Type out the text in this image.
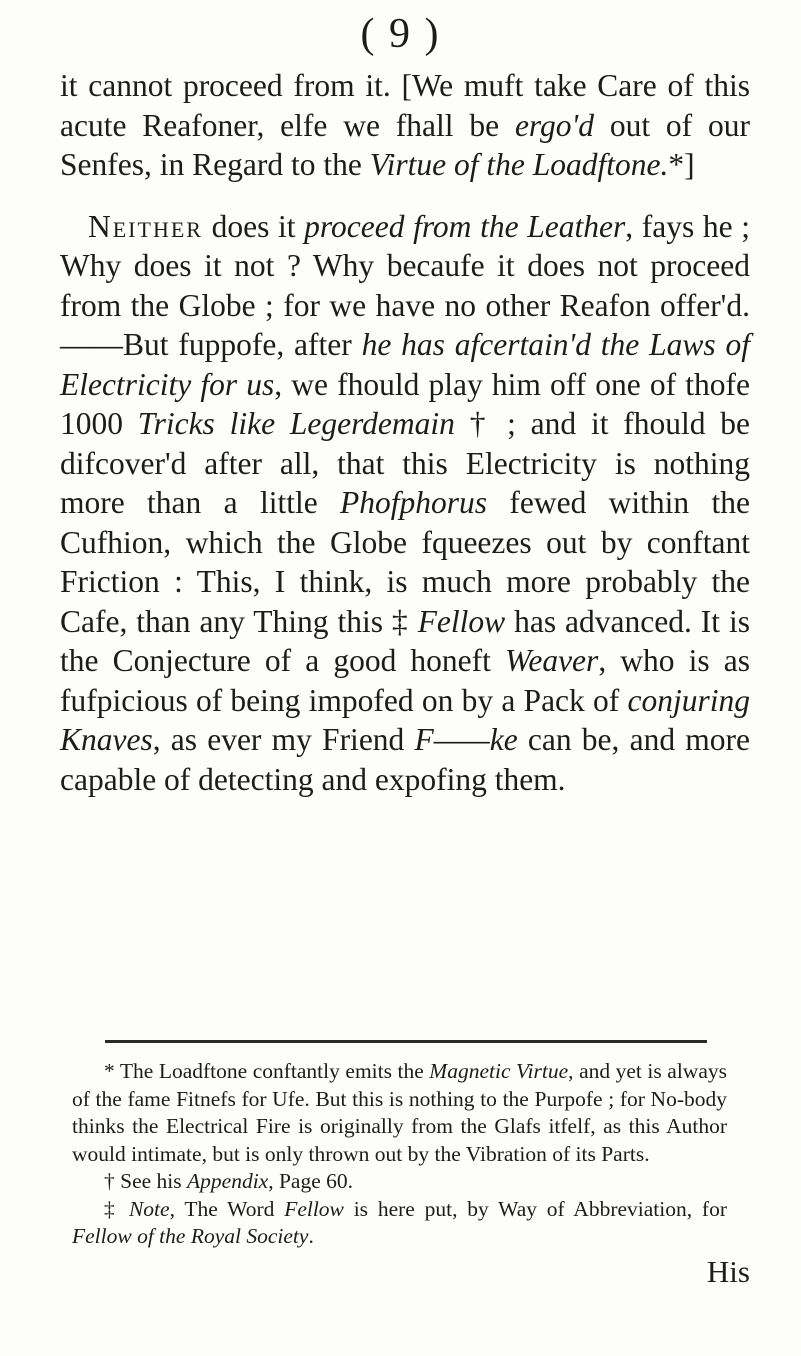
( 9 )

it cannot proceed from it. [We muft take Care of this acute Reafoner, elfe we fhall be ergo'd out of our Senfes, in Regard to the Virtue of the Loadftone.*]

Neither does it proceed from the Leather, fays he ; Why does it not ? Why becaufe it does not proceed from the Globe ; for we have no other Reafon offer'd.——But fuppofe, after he has afcertain'd the Laws of Electricity for us, we fhould play him off one of thofe 1000 Tricks like Legerdemain † ; and it fhould be difcover'd after all, that this Electricity is nothing more than a little Phofphorus fewed within the Cufhion, which the Globe fqueezes out by conftant Friction : This, I think, is much more probably the Cafe, than any Thing this ‡ Fellow has advanced. It is the Conjecture of a good honeft Weaver, who is as fufpicious of being impofed on by a Pack of conjuring Knaves, as ever my Friend F——ke can be, and more capable of detecting and expofing them.

* The Loadftone conftantly emits the Magnetic Virtue, and yet is always of the fame Fitnefs for Ufe. But this is nothing to the Purpofe ; for No-body thinks the Electrical Fire is originally from the Glafs itfelf, as this Author would intimate, but is only thrown out by the Vibration of its Parts.

† See his Appendix, Page 60.

‡ Note, The Word Fellow is here put, by Way of Abbreviation, for Fellow of the Royal Society.

His
